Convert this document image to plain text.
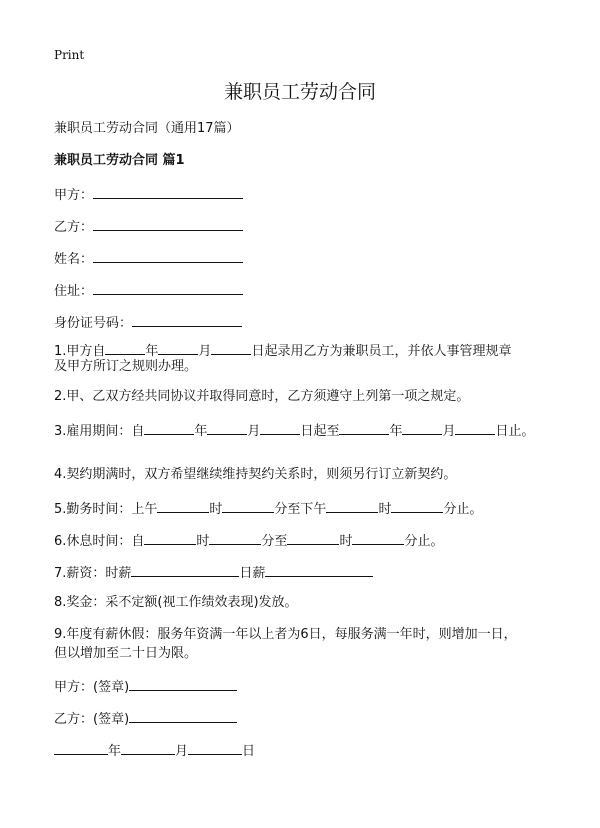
Print
兼职员工劳动合同
兼职员工劳动合同（通用17篇）
兼职员工劳动合同 篇1
甲方：
乙方：
姓名：
住址：
身份证号码：
1.甲方自	年	月	日起录用乙方为兼职员工，并依人事管理规章
及甲方所订之规则办理。
2.甲、乙双方经共同协议并取得同意时，乙方须遵守上列第一项之规定。
3.雇用期间：自	年	月	日起至	年	月	日止。
4.契约期满时，双方希望继续维持契约关系时，则须另行订立新契约。
5.勤务时间：上午	时	分至下午	时	分止。
6.休息时间：自	时	分至	时	分止。
7.薪资：时薪	日薪
8.奖金：采不定额(视工作绩效表现)发放。
9.年度有薪休假：服务年资满一年以上者为6日，每服务满一年时，则增加一日，
但以增加至二十日为限。
甲方：(签章)
乙方：(签章)
年	月	日
